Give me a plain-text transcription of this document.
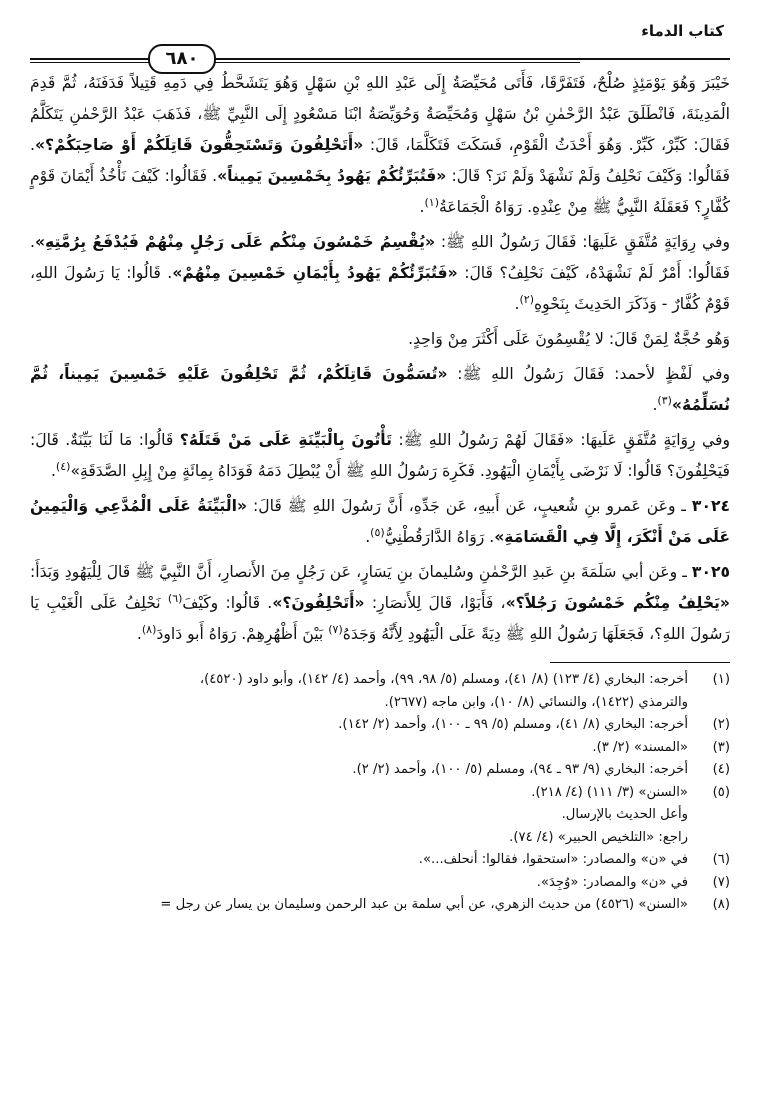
كتاب الدماء
٦٨٠

خَيْبَرَ وَهُوَ يَوْمَئِذٍ صُلْحٌ، فَتَفَرَّقَا، فَأَتَى مُحَيِّصَةُ إِلَى عَبْدِ اللهِ بْنِ سَهْلٍ وَهُوَ يَتَشَحَّطُ فِي دَمِهِ قَتِيلاً فَدَفَنَهُ، ثُمَّ قَدِمَ الْمَدِينَةَ، فَانْطَلَقَ عَبْدُ الرَّحْمٰنِ بْنُ سَهْلٍ وَمُحَيِّصَةُ وَحُوَيِّصَةُ ابْنَا مَسْعُودٍ إِلَى النَّبِيِّ ﷺ، فَذَهَبَ عَبْدُ الرَّحْمٰنِ يَتَكَلَّمُ فَقَالَ: كَبِّرْ، كَبِّرْ. وَهُوَ أَحْدَثُ الْقَوْمِ، فَسَكَتَ فَتَكَلَّمَا، قَالَ: «أَتَحْلِفُونَ وَتَسْتَحِقُّونَ قَاتِلَكُمْ أَوْ صَاحِبَكُمْ؟». فَقَالُوا: وَكَيْفَ نَحْلِفُ وَلَمْ نَشْهَدْ وَلَمْ نَرَ؟ قَالَ: «فَتُبَرِّئُكُمْ يَهُودُ بِخَمْسِينَ يَمِيناً». فَقَالُوا: كَيْفَ نَأْخُذُ أَيْمَانَ قَوْمٍ كُفَّارٍ؟ فَعَقَلَهُ النَّبِيُّ ﷺ مِنْ عِنْدِهِ. رَوَاهُ الْجَمَاعَةُ$^{(١)}$.

وفي رِوَايَةٍ مُتَّفَقٍ عَلَيهَا: فَقَالَ رَسُولُ اللهِ ﷺ: «يُقْسِمُ خَمْسُونَ مِنْكُم عَلَى رَجُلٍ مِنْهُمْ فَيُدْفَعُ بِرُمَّتِهِ». فَقَالُوا: أَمْرٌ لَمْ نَشْهَدْهُ، كَيْفَ نَحْلِفُ؟ قَالَ: «فَتُبَرِّئُكُمْ يَهُودُ بِأَيْمَانِ خَمْسِينَ مِنْهُمْ». قَالُوا: يَا رَسُولَ اللهِ، قَوْمٌ كُفَّارٌ - وَذَكَرَ الحَدِيثَ بِنَحْوِهِ$^{(٢)}$.

وَهُو حُجَّةٌ لِمَنْ قَالَ: لا يُقْسِمُونَ عَلَى أَكْثَرَ مِنْ وَاحِدٍ.

وفي لَفْظٍ لأحمد: فَقَالَ رَسُولُ اللهِ ﷺ: «تُسَمُّونَ قَاتِلَكُمْ، ثُمَّ تَحْلِفُونَ عَلَيْهِ خَمْسِينَ يَمِيناً، ثُمَّ نُسَلِّمُهُ»$^{(٣)}$.

وفي رِوَايَةٍ مُتَّفَقٍ عَلَيهَا: «فَقَالَ لَهُمْ رَسُولُ اللهِ ﷺ: تَأْتُونَ بِالْبَيِّنَةِ عَلَى مَنْ قَتَلَهُ؟ قَالُوا: مَا لَنَا بَيِّنَةٌ. قَالَ: فَيَحْلِفُونَ؟ قَالُوا: لَا نَرْضَى بِأَيْمَانِ الْيَهُودِ. فَكَرِهَ رَسُولُ اللهِ ﷺ أَنْ يُبْطِلَ دَمَهُ فَوَدَاهُ بِمِائَةٍ مِنْ إِبِلِ الصَّدَقَةِ»$^{(٤)}$.

٣٠٢٤ ـ وعَن عَمرو بنِ شُعيبٍ، عَن أَبيهِ، عَن جَدِّهِ، أَنَّ رَسُولَ اللهِ ﷺ قَالَ: «الْبَيِّنَةُ عَلَى الْمُدَّعِي وَالْيَمِينُ عَلَى مَنْ أَنْكَرَ، إِلَّا فِي الْقَسَامَةِ». رَوَاهُ الدَّارَقُطْنِيُّ$^{(٥)}$.

٣٠٢٥ ـ وعَن أبي سَلَمَةَ بنِ عَبدِ الرَّحْمٰنِ وسُليمانَ بنِ يَسَارٍ، عَن رَجُلٍ مِنَ الأَنصارِ، أَنَّ النَّبِيَّ ﷺ قَالَ لِلْيَهُودِ وَبَدَأَ: «يَحْلِفُ مِنْكُم خَمْسُونَ رَجُلاً؟»، فَأَبَوْا، قَالَ لِلأَنصَارِ: «أَتَحْلِفُونَ؟». قَالُوا: وكَيْفَ$^{(٦)}$ نَحْلِفُ عَلَى الْغَيْبِ يَا رَسُولَ اللهِ؟، فَجَعَلَهَا رَسُولُ اللهِ ﷺ دِيَةً عَلَى الْيَهُودِ لِأَنَّهُ وَجَدَهُ$^{(٧)}$ بَيْنَ أَظْهُرِهِمْ. رَوَاهُ أَبو دَاودَ$^{(٨)}$.

(١)
أخرجه: البخاري (٤/ ١٢٣) (٨/ ٤١)، ومسلم (٥/ ٩٨، ٩٩)، وأحمد (٤/ ١٤٢)، وأبو داود (٤٥٢٠)،
والترمذي (١٤٢٢)، والنسائي (٨/ ١٠)، وابن ماجه (٢٦٧٧).
(٢)
أخرجه: البخاري (٨/ ٤١)، ومسلم (٥/ ٩٩ ـ ١٠٠)، وأحمد (٢/ ١٤٢).
(٣)
«المسند» (٢/ ٣).
(٤)
أخرجه: البخاري (٩/ ٩٣ ـ ٩٤)، ومسلم (٥/ ١٠٠)، وأحمد (٢/ ٢).
(٥)
«السنن» (٣/ ١١١) (٤/ ٢١٨).
وأعل الحديث بالإرسال.
راجع: «التلخيص الحبير» (٤/ ٧٤).
(٦)
في «ن» والمصادر: «استحقوا، فقالوا: أنحلف...».
(٧)
في «ن» والمصادر: «وُجِدَ».
(٨)
«السنن» (٤٥٢٦) من حديث الزهري، عن أبي سلمة بن عبد الرحمن وسليمان بن يسار عن رجل =
